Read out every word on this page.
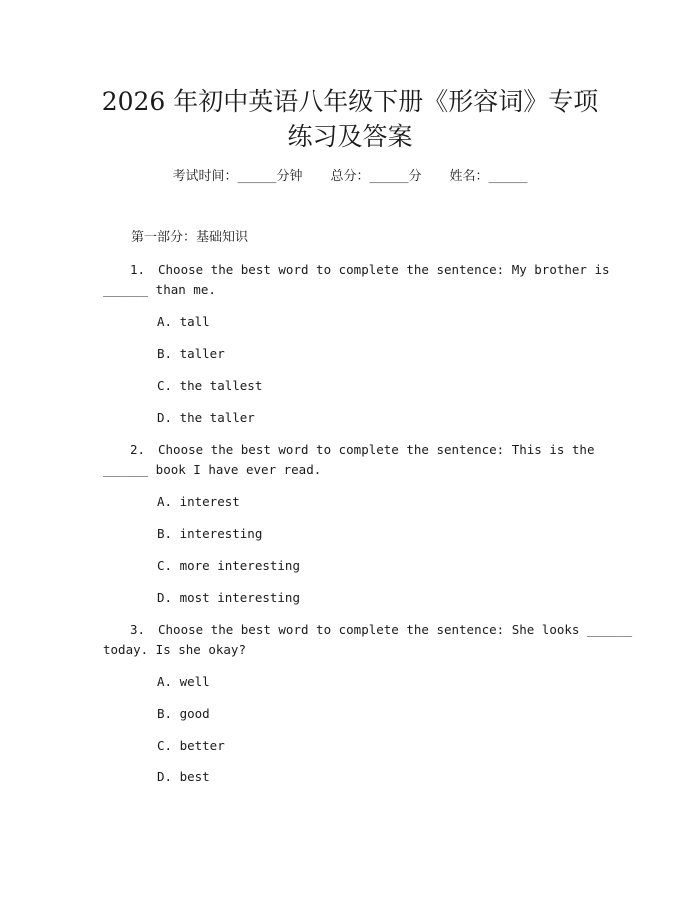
2026 年初中英语八年级下册《形容词》专项
练习及答案
考试时间：______分钟 总分：______分 姓名：______
第一部分：基础知识
1. Choose the best word to complete the sentence: My brother is
______ than me.
A. tall
B. taller
C. the tallest
D. the taller
2. Choose the best word to complete the sentence: This is the
______ book I have ever read.
A. interest
B. interesting
C. more interesting
D. most interesting
3. Choose the best word to complete the sentence: She looks ______
today. Is she okay?
A. well
B. good
C. better
D. best
